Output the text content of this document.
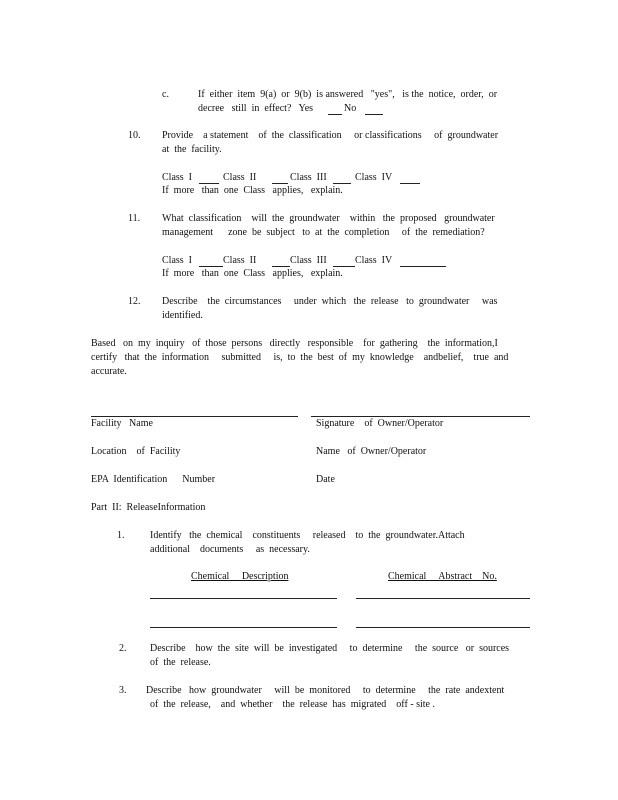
c.	If  either  item  9(a)  or  9(b)  is answered   "yes",   is the  notice,  order,  or
decree   still  in  effect?   Yes	No
10. Provide    a statement    of  the  classification     or classifications     of  groundwater
at  the  facility.
Class  I	Class  II	Class  III	Class  IV
If  more   than  one  Class   applies,   explain.
11. What  classification    will  the  groundwater    within   the  proposed   groundwater
management      zone  be  subject   to  at  the  completion     of  the  remediation?
Class  I	Class  II	Class  III	Class  IV
If  more   than  one  Class   applies,   explain.
12. Describe    the  circumstances     under  which   the  release   to  groundwater     was
identified.
Based   on  my  inquiry   of  those  persons   directly   responsible    for  gathering    the  information,I
certify   that  the  information     submitted     is,  to  the  best  of  my  knowledge    andbelief,    true  and
accurate.
Facility   Name	Signature    of  Owner/Operator
Location    of  Facility	Name   of  Owner/Operator
EPA  Identification      Number	Date
Part  II:  ReleaseInformation
1.	Identify   the  chemical    constituents     released    to  the  groundwater.Attach
additional    documents     as  necessary.
Chemical     Description	Chemical     Abstract    No.
2. Describe    how  the  site  will  be  investigated     to  determine     the  source   or  sources
of  the  release.
3. Describe   how  groundwater     will  be  monitored     to  determine     the  rate  andextent
of  the  release,    and  whether    the  release  has  migrated    off - site .
